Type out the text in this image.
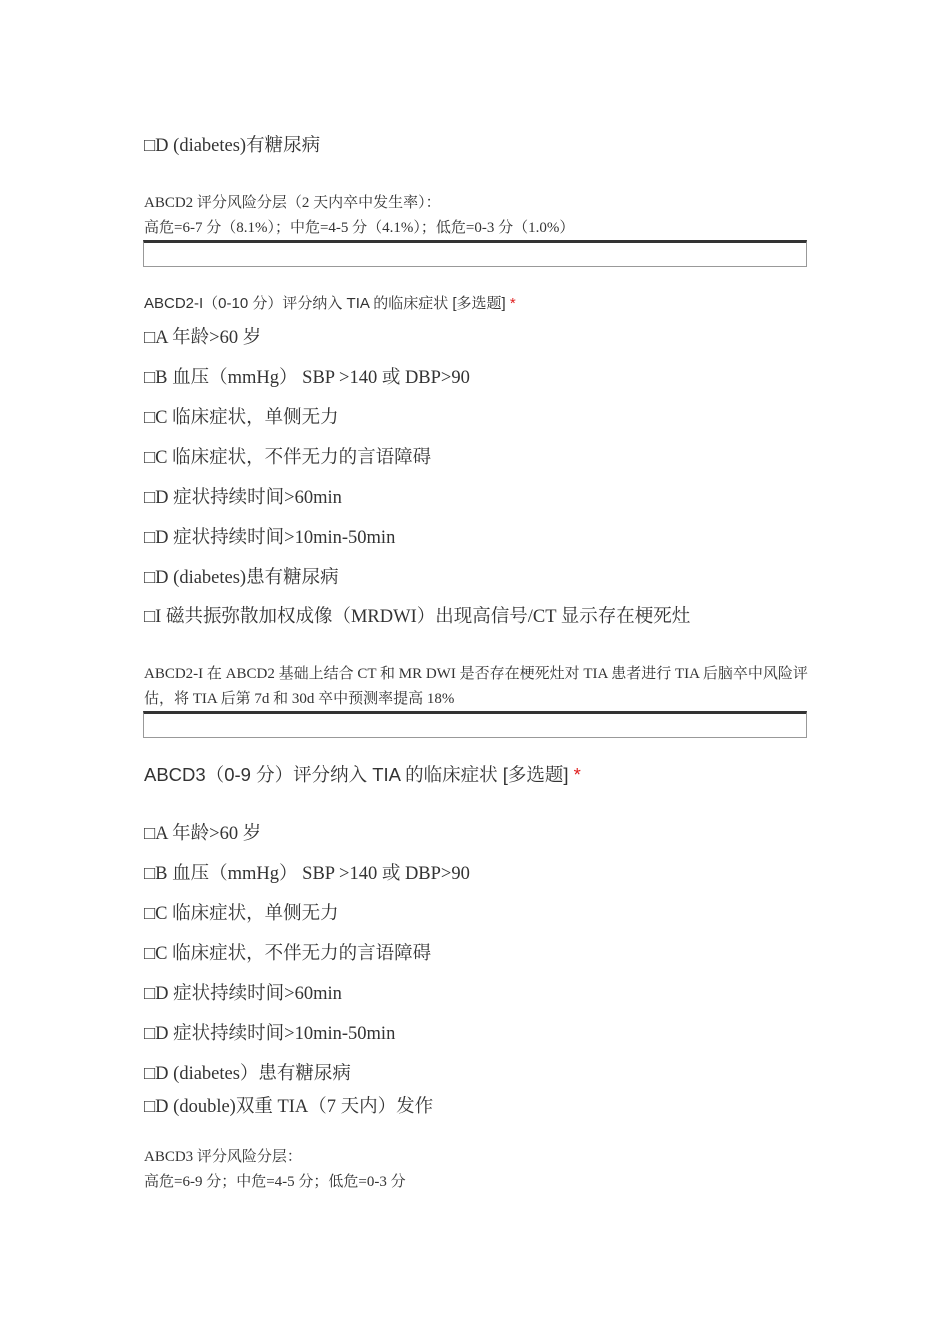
□D (diabetes)有糖尿病
ABCD2 评分风险分层（2 天内卒中发生率）：
高危=6-7 分（8.1%）；中危=4-5 分（4.1%）；低危=0-3 分（1.0%）
ABCD2-I（0-10 分）评分纳入 TIA 的临床症状 [多选题] *
□A 年龄>60 岁
□B 血压（mmHg） SBP >140 或 DBP>90
□C 临床症状，单侧无力
□C 临床症状，不伴无力的言语障碍
□D 症状持续时间>60min
□D 症状持续时间>10min-50min
□D (diabetes)患有糖尿病
□I 磁共振弥散加权成像（MRDWI）出现高信号/CT 显示存在梗死灶
ABCD2-I 在 ABCD2 基础上结合 CT 和 MR DWI 是否存在梗死灶对 TIA 患者进行 TIA 后脑卒中风险评估，将 TIA 后第 7d 和 30d 卒中预测率提高 18%
ABCD3（0-9 分）评分纳入 TIA 的临床症状 [多选题] *
□A 年龄>60 岁
□B 血压（mmHg） SBP >140 或 DBP>90
□C 临床症状，单侧无力
□C 临床症状，不伴无力的言语障碍
□D 症状持续时间>60min
□D 症状持续时间>10min-50min
□D (diabetes）患有糖尿病
□D (double)双重 TIA（7 天内）发作
ABCD3 评分风险分层：
高危=6-9 分；中危=4-5 分；低危=0-3 分
